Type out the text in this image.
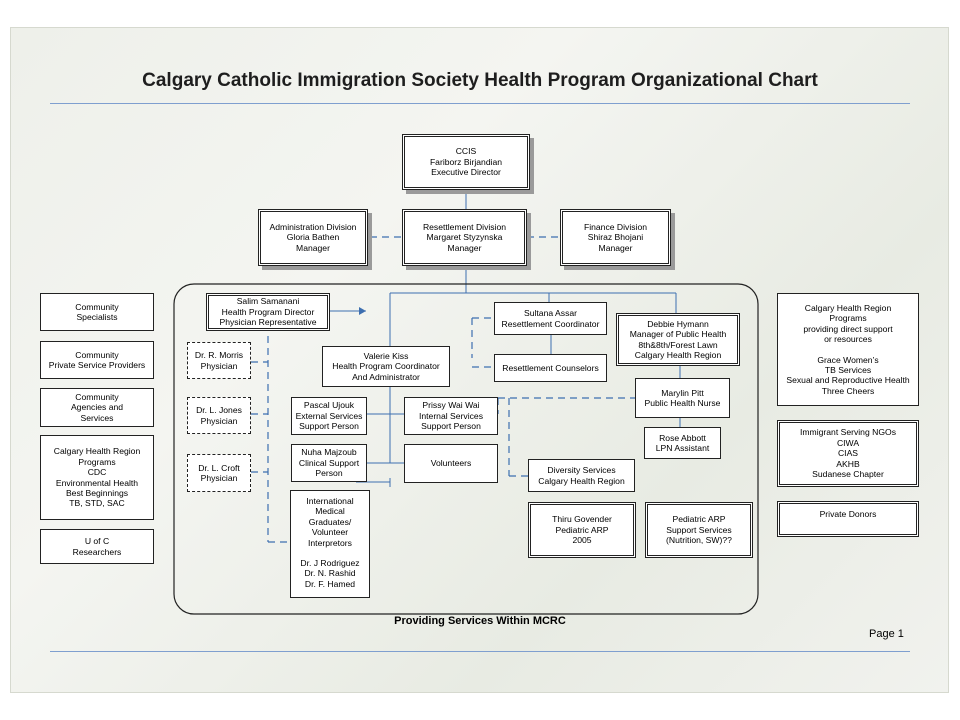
Calgary Catholic Immigration Society Health Program Organizational Chart
CCIS
Fariborz Birjandian
Executive Director
Administration Division
Gloria Bathen
Manager
Resettlement Division
Margaret Styzynska
Manager
Finance Division
Shiraz Bhojani
Manager
Salim Samanani
Health Program Director
Physician Representative
Sultana Assar
Resettlement Coordinator	Debbie Hymann
Manager of Public Health
8th&8th/Forest Lawn
Calgary Health Region
Dr. R. Morris
Physician
Valerie Kiss
Health Program Coordinator
And Administrator
Resettlement Counselors
Marylin Pitt
Public Health Nurse
Dr. L. Jones
Physician
Pascal Ujouk
External Services
Support Person
Prissy Wai Wai
Internal Services
Support Person
Rose Abbott
LPN Assistant
Dr. L. Croft
Physician
Nuha Majzoub
Clinical Support
Person
Volunteers
Diversity Services
Calgary Health Region
International
Medical
Graduates/
Volunteer
Interpretors
Dr. J Rodriguez
Dr. N. Rashid
Dr. F. Hamed
Thiru Govender
Pediatric ARP
2005
Pediatric ARP
Support Services
(Nutrition, SW)??
Community
Specialists
Community
Private Service Providers
Community
Agencies and
Services
Calgary Health Region
Programs
CDC
Environmental Health
Best Beginnings
TB, STD, SAC
U of C
Researchers
Calgary Health Region
Programs
providing direct support
or resources
Grace Women’s
TB Services
Sexual and Reproductive Health
Three Cheers
Immigrant Serving NGOs
CIWA
CIAS
AKHB
Sudanese Chapter
Private Donors
Providing Services Within MCRC
Page 1
